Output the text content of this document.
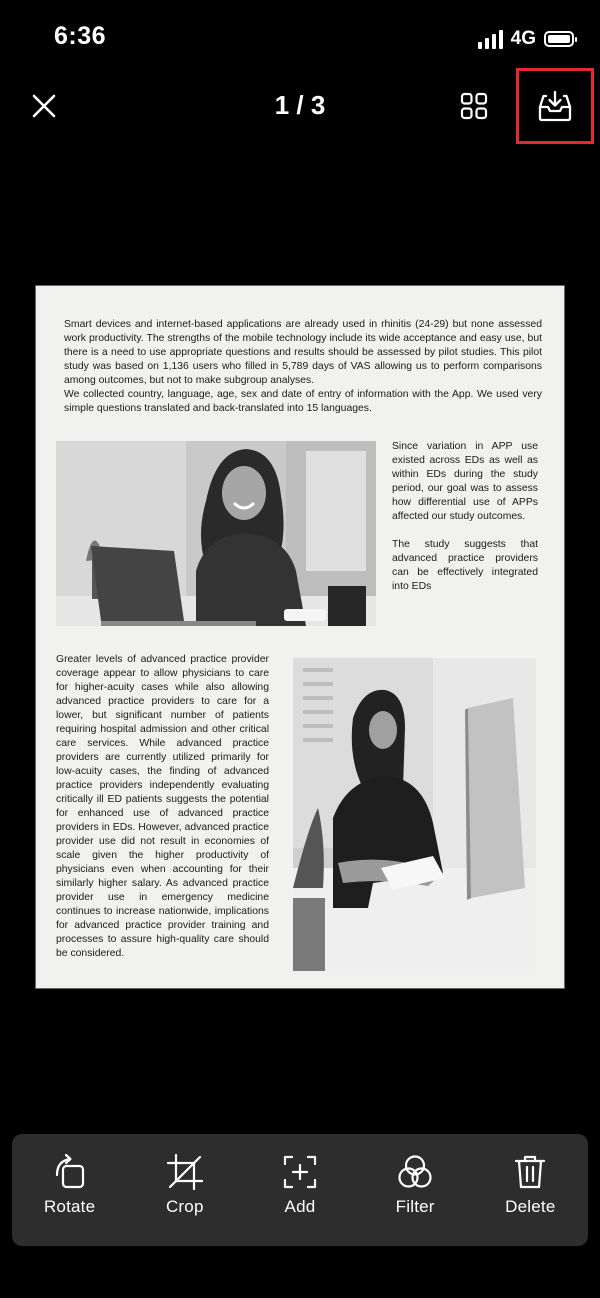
6:36	4G
1 / 3

Smart devices and internet-based applications are already used in rhinitis (24-29) but none assessed work productivity. The strengths of the mobile technology include its wide acceptance and easy use, but there is a need to use appropriate questions and results should be assessed by pilot studies. This pilot study was based on 1,136 users who filled in 5,789 days of VAS allowing us to perform comparisons among outcomes, but not to make subgroup analyses.

We collected country, language, age, sex and date of entry of information with the App. We used very simple questions translated and back-translated into 15 languages.

Since variation in APP use existed across EDs as well as within EDs during the study period, our goal was to assess how differential use of APPs affected our study outcomes.

The study suggests that advanced practice providers can be effectively integrated into EDs

Greater levels of advanced practice provider coverage appear to allow physicians to care for higher-acuity cases while also allowing advanced practice providers to care for a lower, but significant number of patients requiring hospital admission and other critical care services. While advanced practice providers are currently utilized primarily for low-acuity cases, the finding of advanced practice providers independently evaluating critically ill ED patients suggests the potential for enhanced use of advanced practice providers in EDs. However, advanced practice provider use did not result in economies of scale given the higher productivity of physicians even when accounting for their similarly higher salary. As advanced practice provider use in emergency medicine continues to increase nationwide, implications for advanced practice provider training and processes to assure high-quality care should be considered.

Rotate	Crop	Add	Filter	Delete
